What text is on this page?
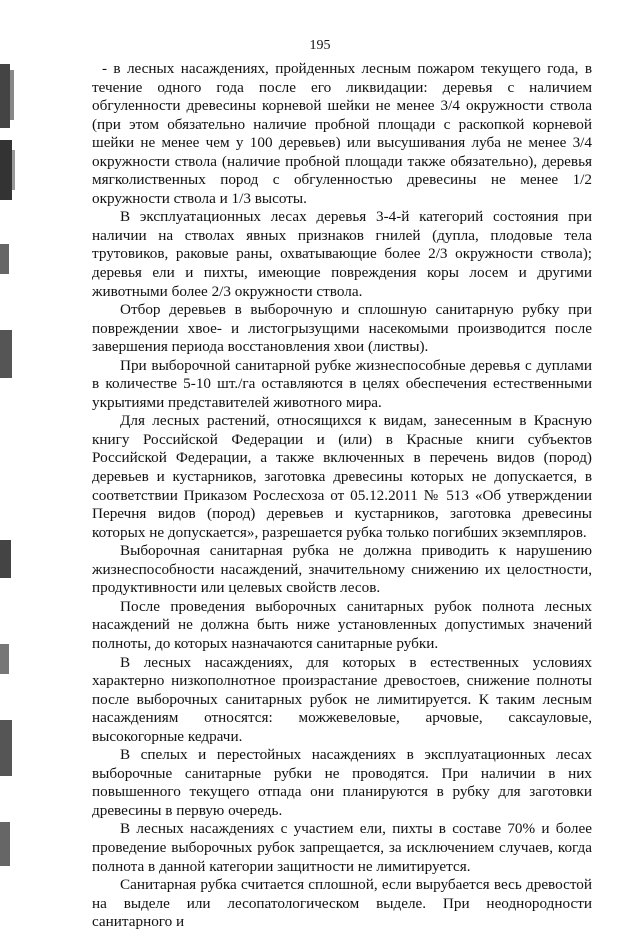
195

- в лесных насаждениях, пройденных лесным пожаром текущего года, в течение одного года после его ликвидации: деревья с наличием обгуленности древесины корневой шейки не менее 3/4 окружности ствола (при этом обязательно наличие пробной площади с раскопкой корневой шейки не менее чем у 100 деревьев) или высушивания луба не менее 3/4 окружности ствола (наличие пробной площади также обязательно), деревья мягколиственных пород с обгуленностью древесины не менее 1/2 окружности ствола и 1/3 высоты.

В эксплуатационных лесах деревья 3-4-й категорий состояния при наличии на стволах явных признаков гнилей (дупла, плодовые тела трутовиков, раковые раны, охватывающие более 2/3 окружности ствола); деревья ели и пихты, имеющие повреждения коры лосем и другими животными более 2/3 окружности ствола.

Отбор деревьев в выборочную и сплошную санитарную рубку при повреждении хвое- и листогрызущими насекомыми производится после завершения периода восстановления хвои (листвы).

При выборочной санитарной рубке жизнеспособные деревья с дуплами в количестве 5-10 шт./га оставляются в целях обеспечения естественными укрытиями представителей животного мира.

Для лесных растений, относящихся к видам, занесенным в Красную книгу Российской Федерации и (или) в Красные книги субъектов Российской Федерации, а также включенных в перечень видов (пород) деревьев и кустарников, заготовка древесины которых не допускается, в соответствии Приказом Рослесхоза от 05.12.2011 № 513 «Об утверждении Перечня видов (пород) деревьев и кустарников, заготовка древесины которых не допускается», разрешается рубка только погибших экземпляров.

Выборочная санитарная рубка не должна приводить к нарушению жизнеспособности насаждений, значительному снижению их целостности, продуктивности или целевых свойств лесов.

После проведения выборочных санитарных рубок полнота лесных насаждений не должна быть ниже установленных допустимых значений полноты, до которых назначаются санитарные рубки.

В лесных насаждениях, для которых в естественных условиях характерно низкополнотное произрастание древостоев, снижение полноты после выборочных санитарных рубок не лимитируется. К таким лесным насаждениям относятся: можжевеловые, арчовые, саксауловые, высокогорные кедрачи.

В спелых и перестойных насаждениях в эксплуатационных лесах выборочные санитарные рубки не проводятся. При наличии в них повышенного текущего отпада они планируются в рубку для заготовки древесины в первую очередь.

В лесных насаждениях с участием ели, пихты в составе 70% и более проведение выборочных рубок запрещается, за исключением случаев, когда полнота в данной категории защитности не лимитируется.

Санитарная рубка считается сплошной, если вырубается весь древостой на выделе или лесопатологическом выделе. При неоднородности санитарного и
